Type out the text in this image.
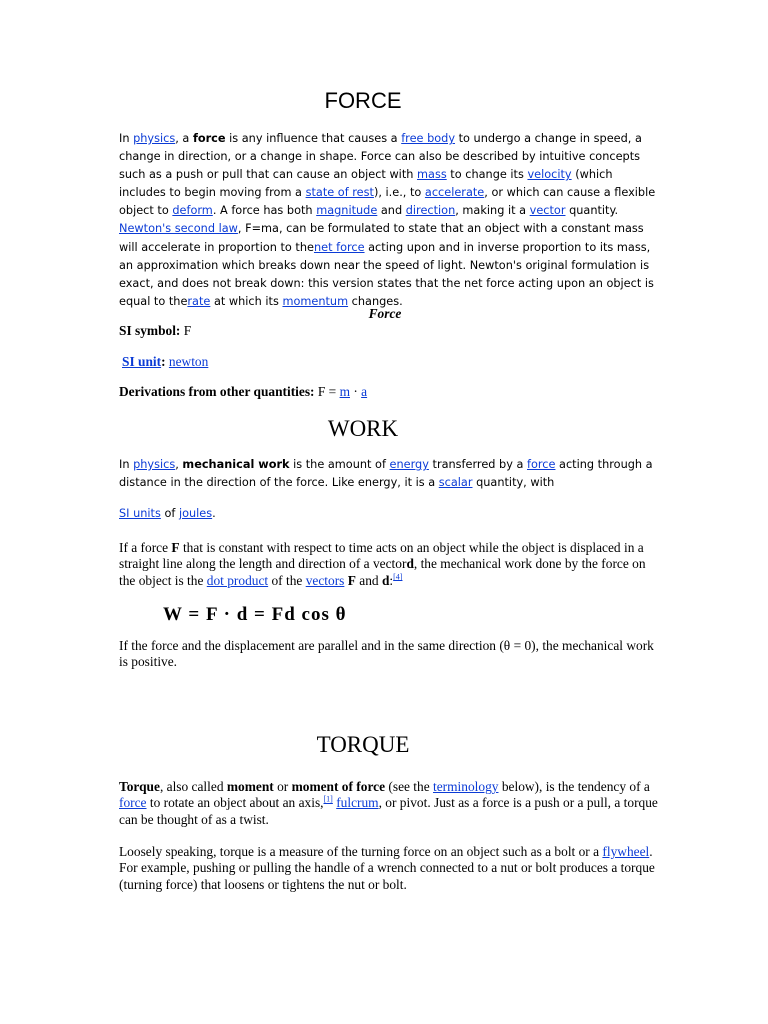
FORCE

In physics, a force is any influence that causes a free body to undergo a change in speed, a change in direction, or a change in shape. Force can also be described by intuitive concepts such as a push or pull that can cause an object with mass to change its velocity (which includes to begin moving from a state of rest), i.e., to accelerate, or which can cause a flexible object to deform. A force has both magnitude and direction, making it a vector quantity. Newton's second law, F=ma, can be formulated to state that an object with a constant mass will accelerate in proportion to thenet force acting upon and in inverse proportion to its mass, an approximation which breaks down near the speed of light. Newton's original formulation is exact, and does not break down: this version states that the net force acting upon an object is equal to therate at which its momentum changes.

Force
SI symbol: F
SI unit: newton
Derivations from other quantities: F = m · a
WORK

In physics, mechanical work is the amount of energy transferred by a force acting through a distance in the direction of the force. Like energy, it is a scalar quantity, with

SI units of joules.

If a force F that is constant with respect to time acts on an object while the object is displaced in a straight line along the length and direction of a vectord, the mechanical work done by the force on the object is the dot product of the vectors F and d:[4]

W = F · d = Fd cos θ

If the force and the displacement are parallel and in the same direction (θ = 0), the mechanical work is positive.

TORQUE

Torque, also called moment or moment of force (see the terminology below), is the tendency of a force to rotate an object about an axis,[1] fulcrum, or pivot. Just as a force is a push or a pull, a torque can be thought of as a twist.

Loosely speaking, torque is a measure of the turning force on an object such as a bolt or a flywheel. For example, pushing or pulling the handle of a wrench connected to a nut or bolt produces a torque (turning force) that loosens or tightens the nut or bolt.
